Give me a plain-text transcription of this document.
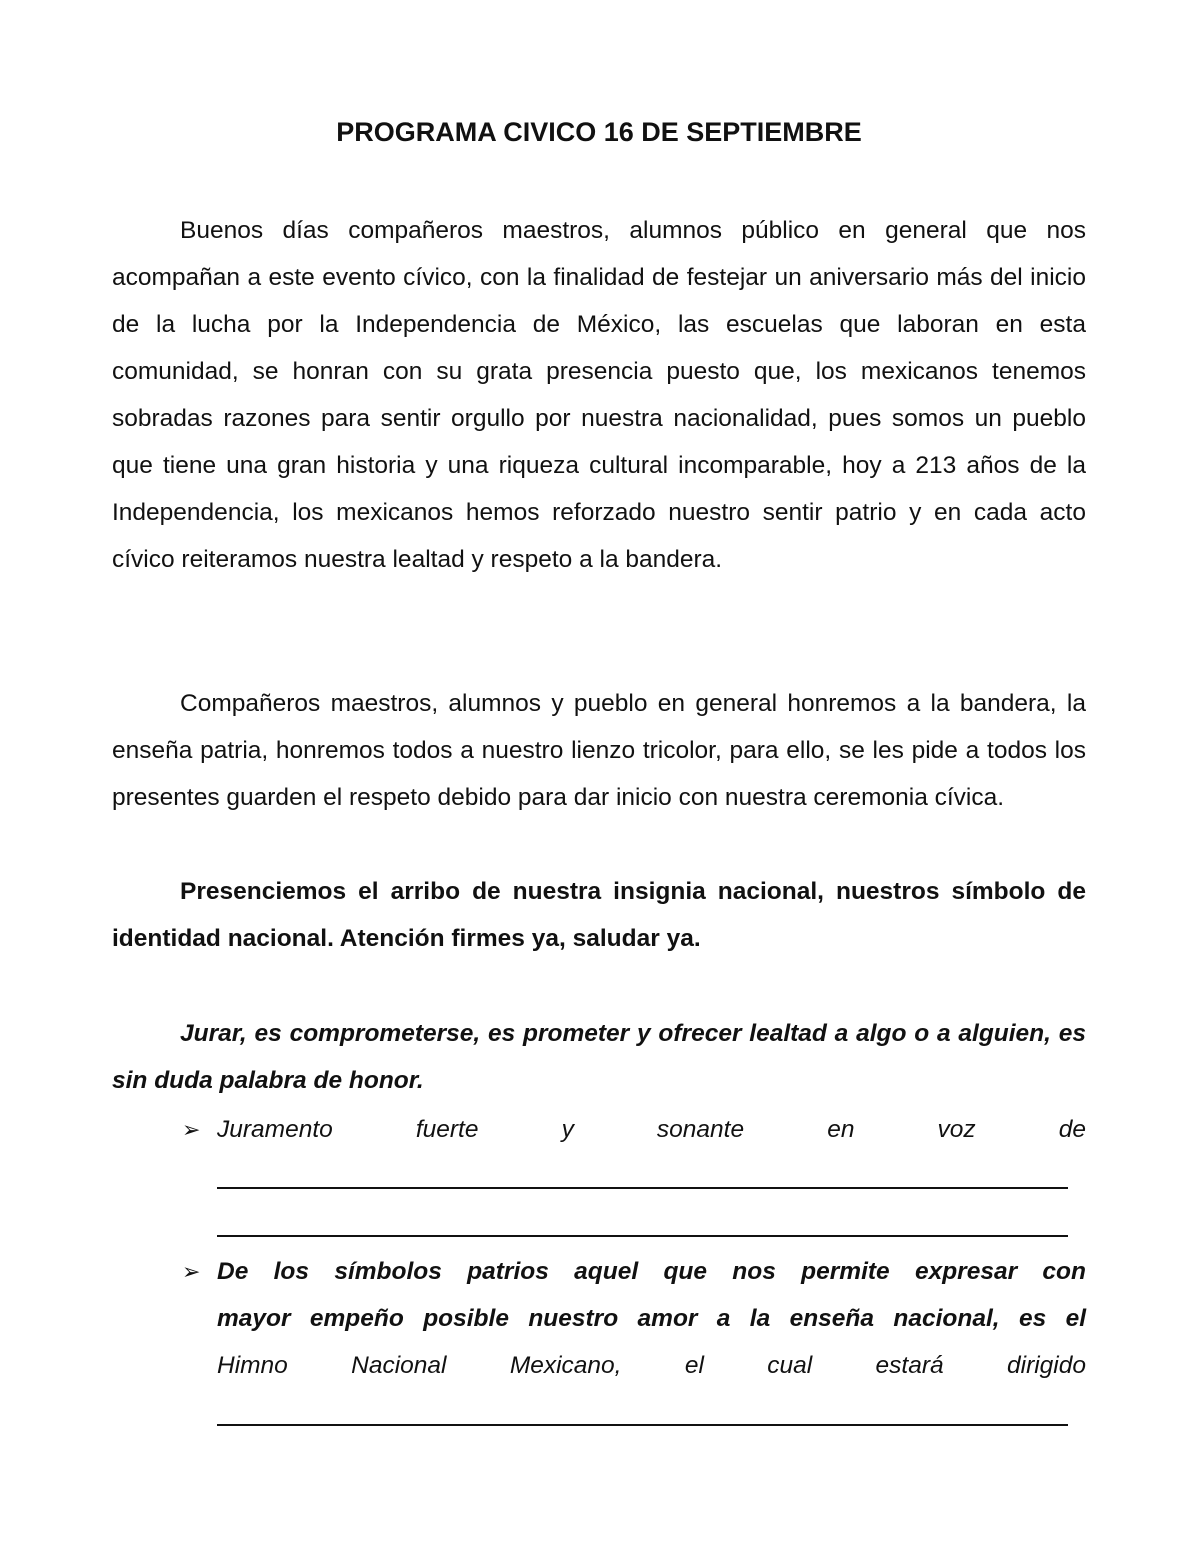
PROGRAMA CIVICO 16 DE SEPTIEMBRE

Buenos días compañeros maestros, alumnos público en general que nos acompañan a este evento cívico, con la finalidad de festejar un aniversario más del inicio de la lucha por la Independencia de México, las escuelas que laboran en esta comunidad, se honran con su grata presencia puesto que, los mexicanos tenemos sobradas razones para sentir orgullo por nuestra nacionalidad, pues somos un pueblo que tiene una gran historia y una riqueza cultural incomparable, hoy a 213 años de la Independencia, los mexicanos hemos reforzado nuestro sentir patrio y en cada acto cívico reiteramos nuestra lealtad y respeto a la bandera.

Compañeros maestros, alumnos y pueblo en general honremos a la bandera, la enseña patria, honremos todos a nuestro lienzo tricolor, para ello, se les pide a todos los presentes guarden el respeto debido para dar inicio con nuestra ceremonia cívica.

Presenciemos el arribo de nuestra insignia nacional, nuestros símbolo de identidad nacional. Atención firmes ya, saludar ya.

Jurar, es comprometerse, es prometer y ofrecer lealtad a algo o a alguien, es sin duda palabra de honor.

➢ Juramento fuerte y sonante en voz de

➢ De los símbolos patrios aquel que nos permite expresar con

mayor empeño posible nuestro amor a la enseña nacional, es el

Himno Nacional Mexicano, el cual estará dirigido
